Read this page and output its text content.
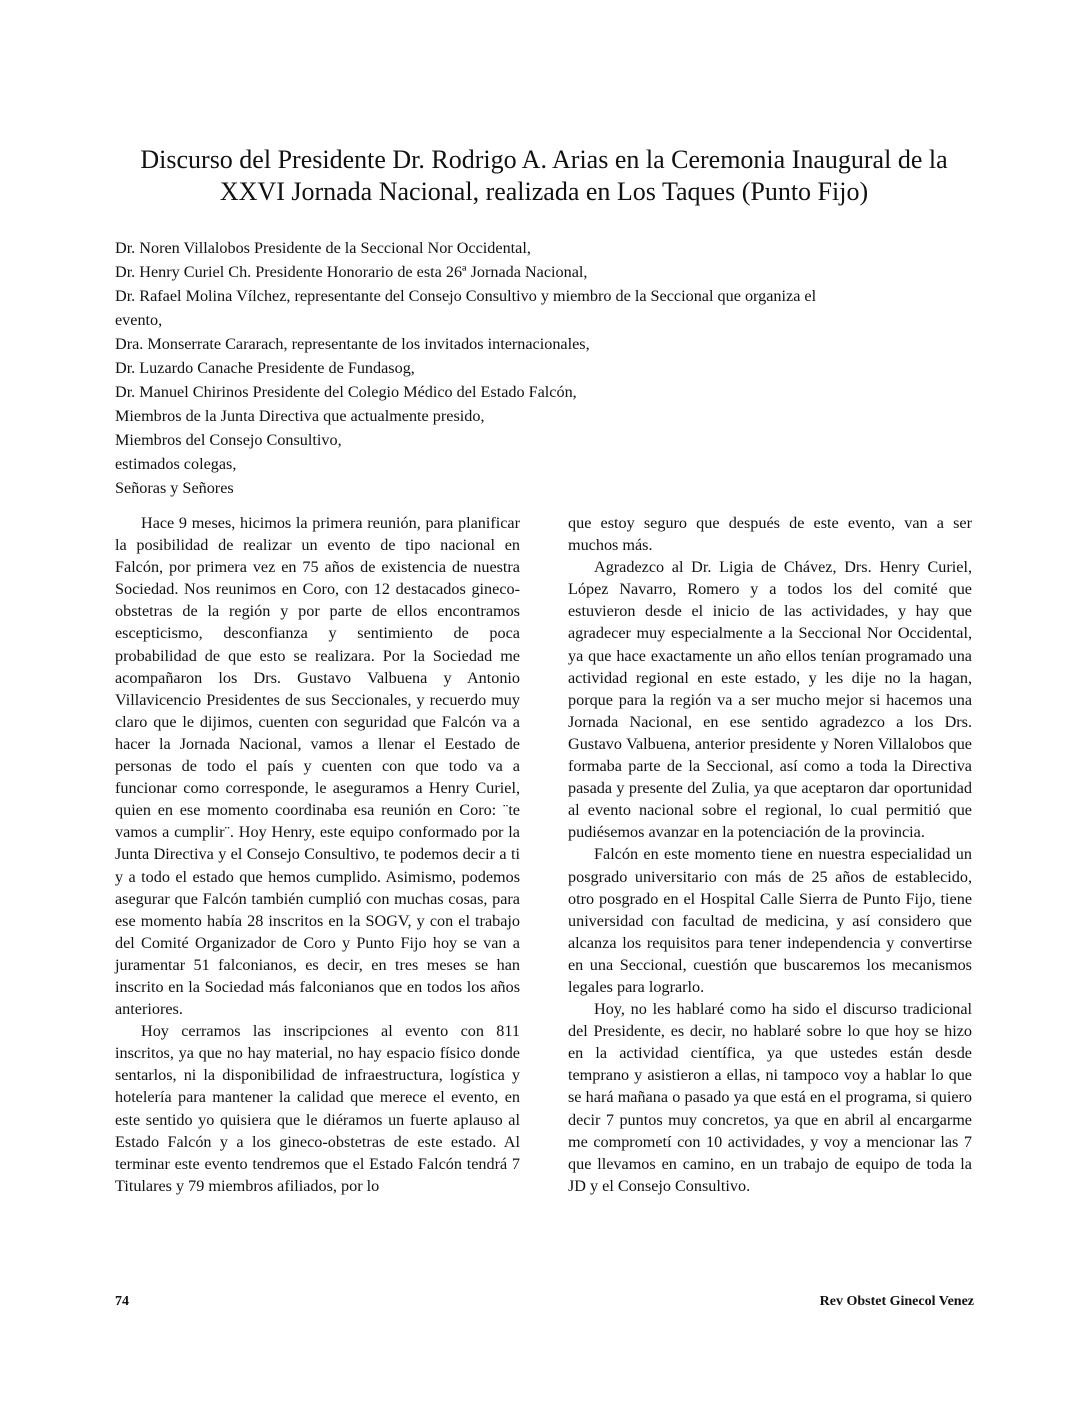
Discurso del Presidente Dr. Rodrigo A. Arias en la Ceremonia Inaugural de la
XXVI Jornada Nacional, realizada en Los Taques (Punto Fijo)
Dr. Noren Villalobos Presidente de la Seccional Nor Occidental,
Dr. Henry Curiel Ch. Presidente Honorario de esta 26ª Jornada Nacional,
Dr. Rafael Molina Vílchez, representante del Consejo Consultivo y miembro de la Seccional que organiza el
evento,
Dra. Monserrate Cararach, representante de los invitados internacionales,
Dr. Luzardo Canache Presidente de Fundasog,
Dr. Manuel Chirinos Presidente del Colegio Médico del Estado Falcón,
Miembros de la Junta Directiva que actualmente presido,
Miembros del Consejo Consultivo,
estimados colegas,
Señoras y Señores

Hace 9 meses, hicimos la primera reunión, para planificar la posibilidad de realizar un evento de tipo nacional en Falcón, por primera vez en 75 años de existencia de nuestra Sociedad. Nos reunimos en Coro, con 12 destacados gineco-obstetras de la región y por parte de ellos encontramos escepticismo, desconfianza y sentimiento de poca probabilidad de que esto se realizara. Por la Sociedad me acompañaron los Drs. Gustavo Valbuena y Antonio Villavicencio Presidentes de sus Seccionales, y recuerdo muy claro que le dijimos, cuenten con seguridad que Falcón va a hacer la Jornada Nacional, vamos a llenar el Eestado de personas de todo el país y cuenten con que todo va a funcionar como corresponde, le aseguramos a Henry Curiel, quien en ese momento coordinaba esa reunión en Coro: ¨te vamos a cumplir¨. Hoy Henry, este equipo conformado por la Junta Directiva y el Consejo Consultivo, te podemos decir a ti y a todo el estado que hemos cumplido. Asimismo, podemos asegurar que Falcón también cumplió con muchas cosas, para ese momento había 28 inscritos en la SOGV, y con el trabajo del Comité Organizador de Coro y Punto Fijo hoy se van a juramentar 51 falconianos, es decir, en tres meses se han inscrito en la Sociedad más falconianos que en todos los años anteriores.

Hoy cerramos las inscripciones al evento con 811 inscritos, ya que no hay material, no hay espacio físico donde sentarlos, ni la disponibilidad de infraestructura, logística y hotelería para mantener la calidad que merece el evento, en este sentido yo quisiera que le diéramos un fuerte aplauso al Estado Falcón y a los gineco-obstetras de este estado. Al terminar este evento tendremos que el Estado Falcón tendrá 7 Titulares y 79 miembros afiliados, por lo

que estoy seguro que después de este evento, van a ser muchos más.

Agradezco al Dr. Ligia de Chávez, Drs. Henry Curiel, López Navarro, Romero y a todos los del comité que estuvieron desde el inicio de las actividades, y hay que agradecer muy especialmente a la Seccional Nor Occidental, ya que hace exactamente un año ellos tenían programado una actividad regional en este estado, y les dije no la hagan, porque para la región va a ser mucho mejor si hacemos una Jornada Nacional, en ese sentido agradezco a los Drs. Gustavo Valbuena, anterior presidente y Noren Villalobos que formaba parte de la Seccional, así como a toda la Directiva pasada y presente del Zulia, ya que aceptaron dar oportunidad al evento nacional sobre el regional, lo cual permitió que pudiésemos avanzar en la potenciación de la provincia.

Falcón en este momento tiene en nuestra especialidad un posgrado universitario con más de 25 años de establecido, otro posgrado en el Hospital Calle Sierra de Punto Fijo, tiene universidad con facultad de medicina, y así considero que alcanza los requisitos para tener independencia y convertirse en una Seccional, cuestión que buscaremos los mecanismos legales para lograrlo.

Hoy, no les hablaré como ha sido el discurso tradicional del Presidente, es decir, no hablaré sobre lo que hoy se hizo en la actividad científica, ya que ustedes están desde temprano y asistieron a ellas, ni tampoco voy a hablar lo que se hará mañana o pasado ya que está en el programa, si quiero decir 7 puntos muy concretos, ya que en abril al encargarme me comprometí con 10 actividades, y voy a mencionar las 7 que llevamos en camino, en un trabajo de equipo de toda la JD y el Consejo Consultivo.

74	Rev Obstet Ginecol Venez
